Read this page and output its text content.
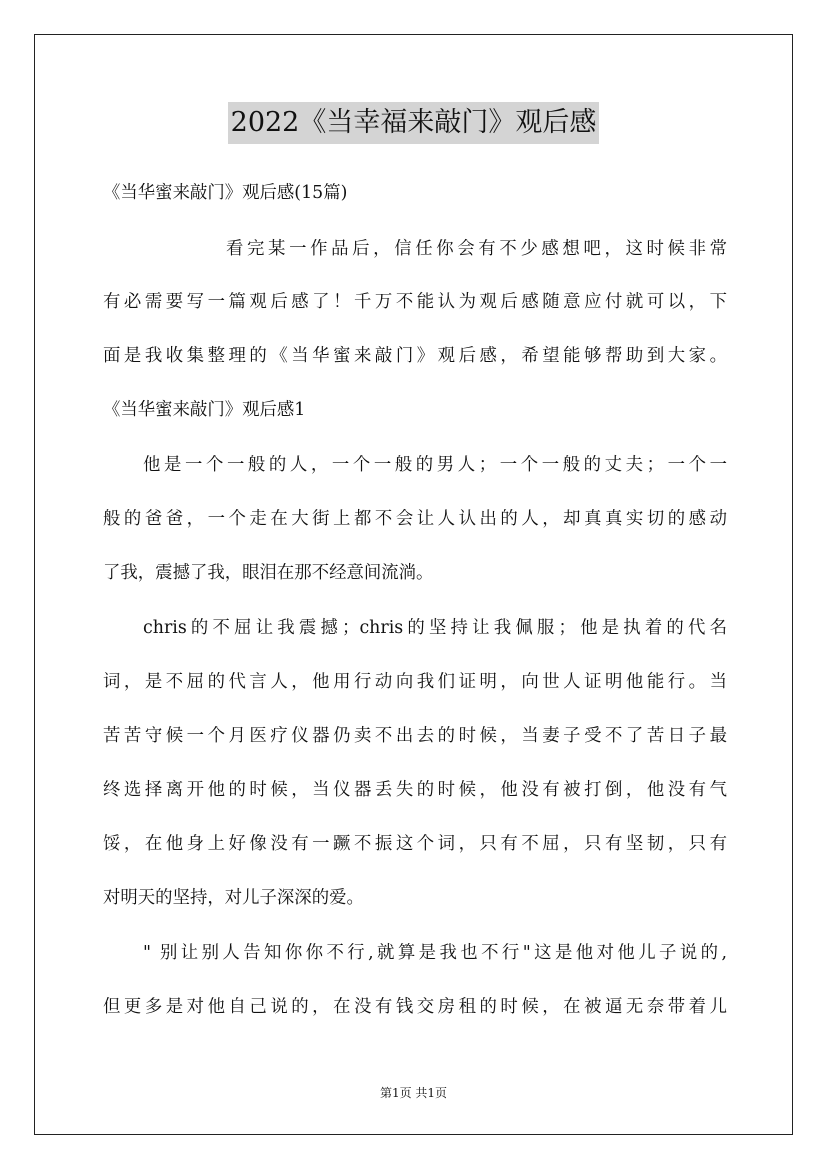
2022《当幸福来敲门》观后感
《当华蜜来敲门》观后感(15篇)
看完某一作品后，信任你会有不少感想吧，这时候非常
有必需要写一篇观后感了！千万不能认为观后感随意应付就可以，下
面是我收集整理的《当华蜜来敲门》观后感，希望能够帮助到大家。
《当华蜜来敲门》观后感1
他是一个一般的人，一个一般的男人；一个一般的丈夫；一个一
般的爸爸，一个走在大街上都不会让人认出的人，却真真实切的感动
了我，震撼了我，眼泪在那不经意间流淌。
chris的不屈让我震撼；chris的坚持让我佩服；他是执着的代名
词，是不屈的代言人，他用行动向我们证明，向世人证明他能行。当
苦苦守候一个月医疗仪器仍卖不出去的时候，当妻子受不了苦日子最
终选择离开他的时候，当仪器丢失的时候，他没有被打倒，他没有气
馁，在他身上好像没有一蹶不振这个词，只有不屈，只有坚韧，只有
对明天的坚持，对儿子深深的爱。
" 别让别人告知你你不行,就算是我也不行"这是他对他儿子说的,
但更多是对他自己说的，在没有钱交房租的时候，在被逼无奈带着儿
第1页 共1页
